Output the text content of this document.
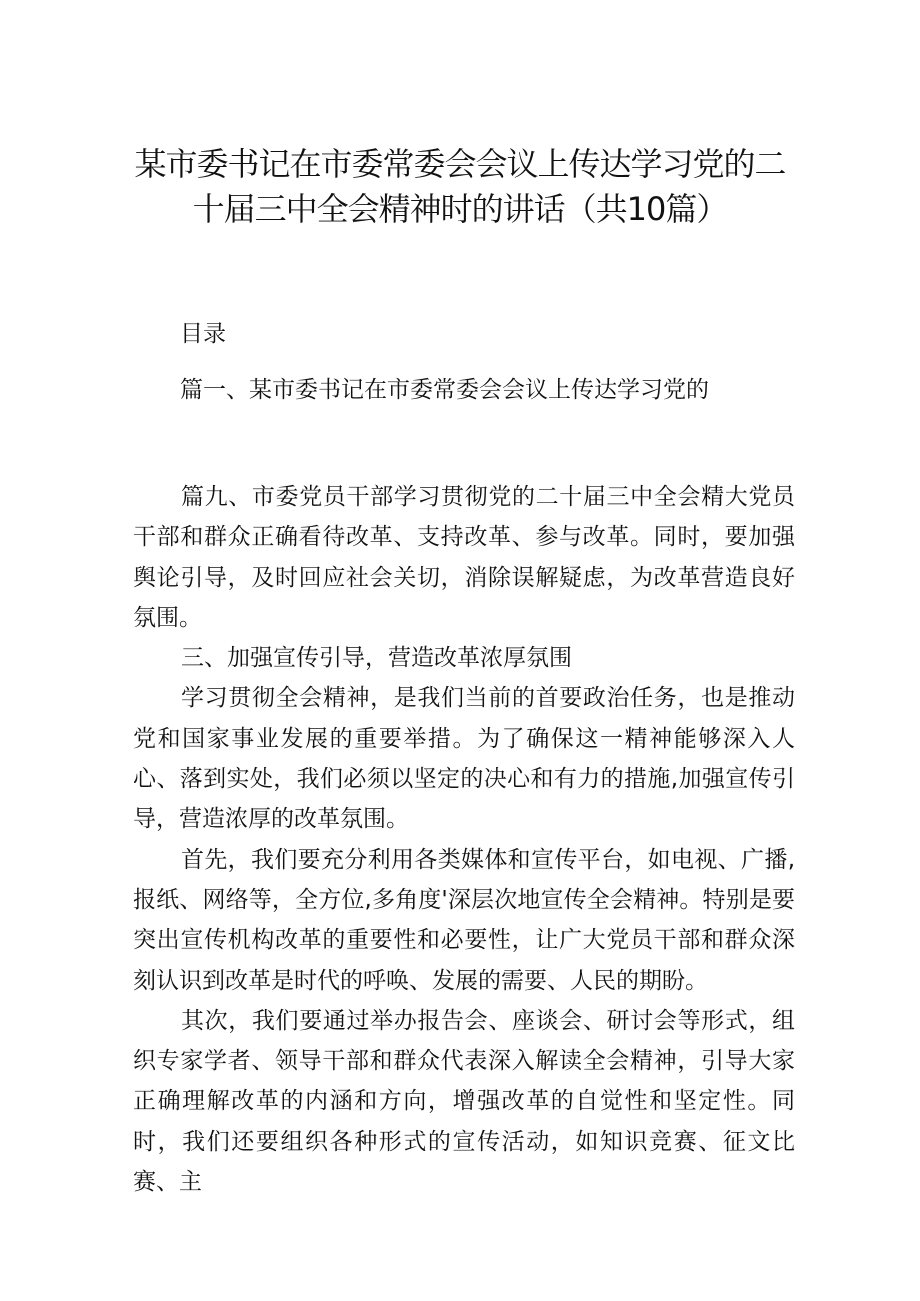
某市委书记在市委常委会会议上传达学习党的二十届三中全会精神时的讲话（共10篇）
目录
篇一、某市委书记在市委常委会会议上传达学习党的

篇九、市委党员干部学习贯彻党的二十届三中全会精大党员干部和群众正确看待改革、支持改革、参与改革。同时，要加强舆论引导，及时回应社会关切，消除误解疑虑，为改革营造良好氛围。

三、加强宣传引导，营造改革浓厚氛围

学习贯彻全会精神，是我们当前的首要政治任务，也是推动党和国家事业发展的重要举措。为了确保这一精神能够深入人心、落到实处，我们必须以坚定的决心和有力的措施,加强宣传引导，营造浓厚的改革氛围。

首先，我们要充分利用各类媒体和宣传平台，如电视、广播,报纸、网络等，全方位,多角度'深层次地宣传全会精神。特别是要突出宣传机构改革的重要性和必要性，让广大党员干部和群众深刻认识到改革是时代的呼唤、发展的需要、人民的期盼。

其次，我们要通过举办报告会、座谈会、研讨会等形式，组织专家学者、领导干部和群众代表深入解读全会精神，引导大家正确理解改革的内涵和方向，增强改革的自觉性和坚定性。同时，我们还要组织各种形式的宣传活动，如知识竞赛、征文比赛、主
